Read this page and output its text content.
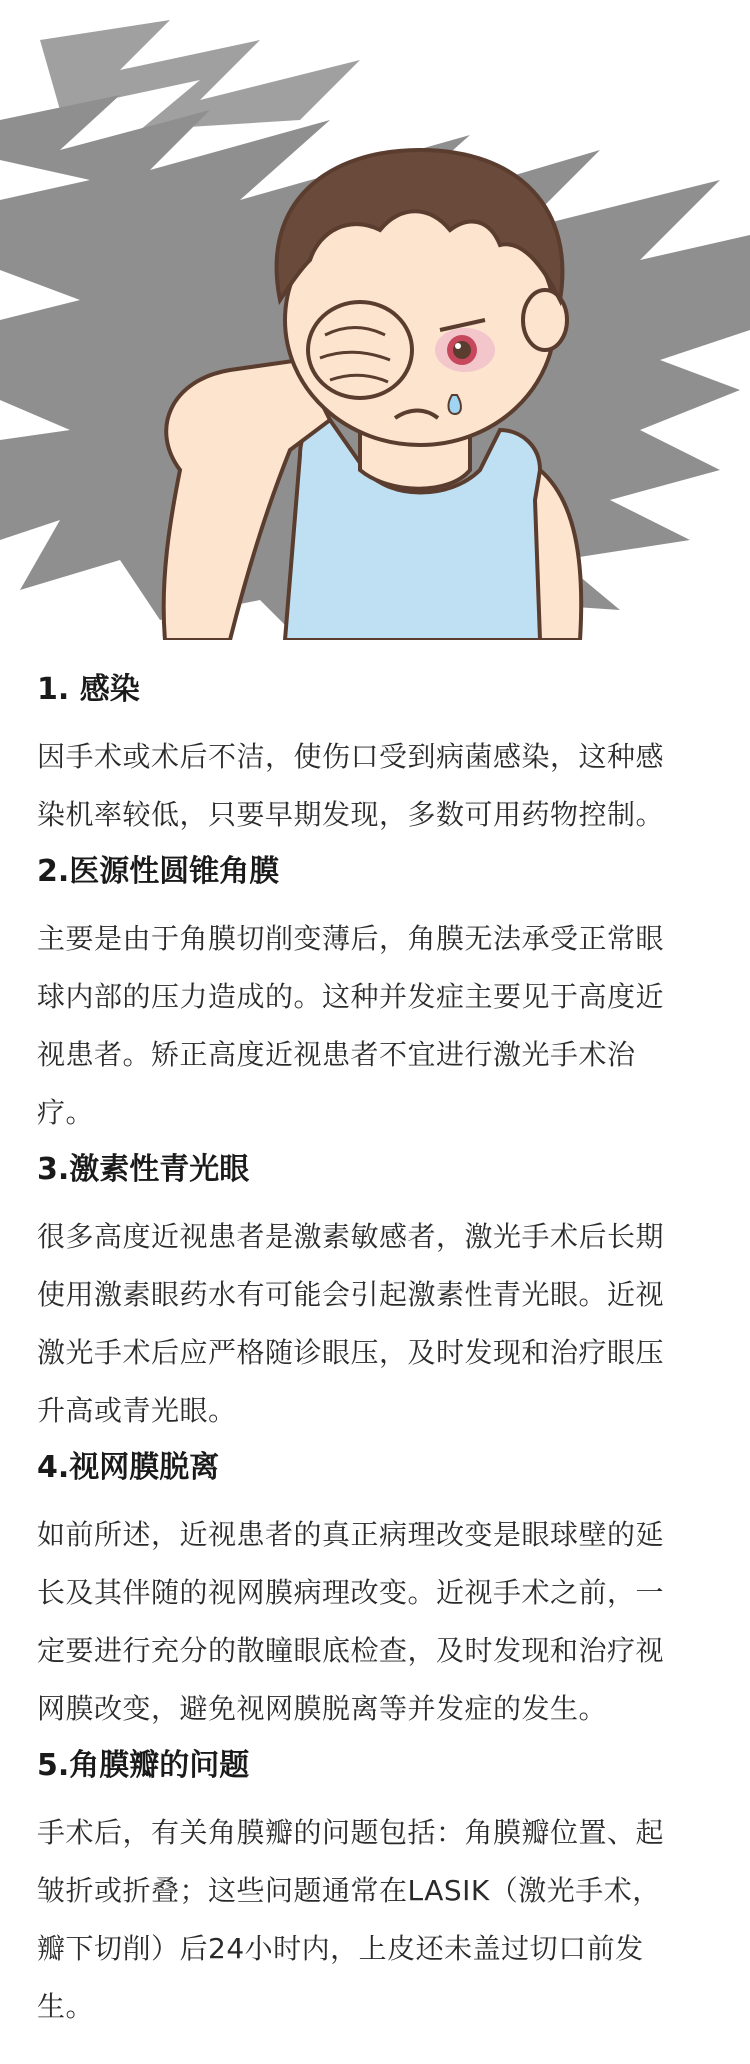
1. 感染
因手术或术后不洁，使伤口受到病菌感染，这种感
染机率较低，只要早期发现，多数可用药物控制。
2.医源性圆锥角膜
主要是由于角膜切削变薄后，角膜无法承受正常眼
球内部的压力造成的。这种并发症主要见于高度近
视患者。矫正高度近视患者不宜进行激光手术治
疗。
3.激素性青光眼
很多高度近视患者是激素敏感者，激光手术后长期
使用激素眼药水有可能会引起激素性青光眼。近视
激光手术后应严格随诊眼压，及时发现和治疗眼压
升高或青光眼。
4.视网膜脱离
如前所述，近视患者的真正病理改变是眼球壁的延
长及其伴随的视网膜病理改变。近视手术之前，一
定要进行充分的散瞳眼底检查，及时发现和治疗视
网膜改变，避免视网膜脱离等并发症的发生。
5.角膜瓣的问题
手术后，有关角膜瓣的问题包括：角膜瓣位置、起
皱折或折叠；这些问题通常在LASIK（激光手术，
瓣下切削）后24小时内，上皮还未盖过切口前发
生。
